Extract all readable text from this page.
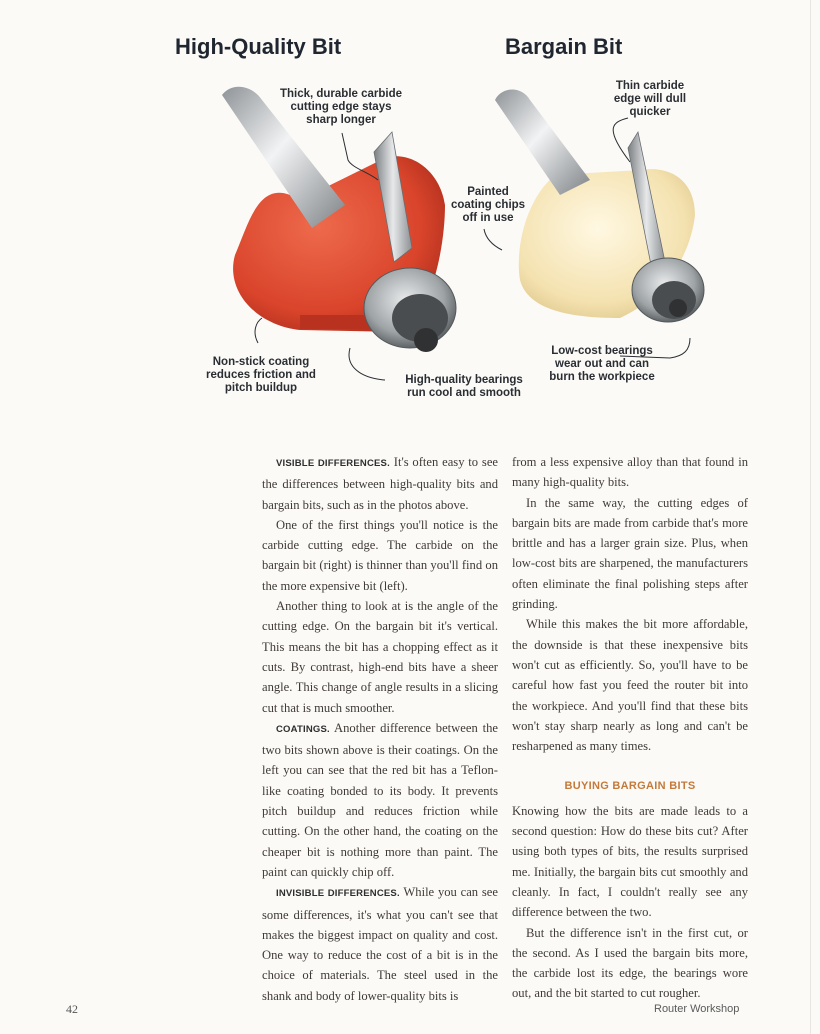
High-Quality Bit	Bargain Bit
Thick, durable carbide
cutting edge stays
sharp longer
Thin carbide
edge will dull
quicker
Painted
coating chips
off in use
Non-stick coating
reduces friction and
pitch buildup
High-quality bearings
run cool and smooth
Low-cost bearings
wear out and can
burn the workpiece

VISIBLE DIFFERENCES. It's often easy to see the differences between high-quality bits and bargain bits, such as in the photos above.

One of the first things you'll notice is the carbide cutting edge. The carbide on the bargain bit (right) is thinner than you'll find on the more expensive bit (left).

Another thing to look at is the angle of the cutting edge. On the bargain bit it's vertical. This means the bit has a chopping effect as it cuts. By contrast, high-end bits have a sheer angle. This change of angle results in a slicing cut that is much smoother.

COATINGS. Another difference between the two bits shown above is their coatings. On the left you can see that the red bit has a Teflon-like coating bonded to its body. It prevents pitch buildup and reduces friction while cutting. On the other hand, the coating on the cheaper bit is nothing more than paint. The paint can quickly chip off.

INVISIBLE DIFFERENCES. While you can see some differences, it's what you can't see that makes the biggest impact on quality and cost. One way to reduce the cost of a bit is in the choice of materials. The steel used in the shank and body of lower-quality bits is

from a less expensive alloy than that found in many high-quality bits.

In the same way, the cutting edges of bargain bits are made from carbide that's more brittle and has a larger grain size. Plus, when low-cost bits are sharpened, the manufacturers often eliminate the final polishing steps after grinding.

While this makes the bit more affordable, the downside is that these inexpensive bits won't cut as efficiently. So, you'll have to be careful how fast you feed the router bit into the workpiece. And you'll find that these bits won't stay sharp nearly as long and can't be resharpened as many times.

BUYING BARGAIN BITS

Knowing how the bits are made leads to a second question: How do these bits cut? After using both types of bits, the results surprised me. Initially, the bargain bits cut smoothly and cleanly. In fact, I couldn't really see any difference between the two.

But the difference isn't in the first cut, or the second. As I used the bargain bits more, the carbide lost its edge, the bearings wore out, and the bit started to cut rougher.

42	Router Workshop
